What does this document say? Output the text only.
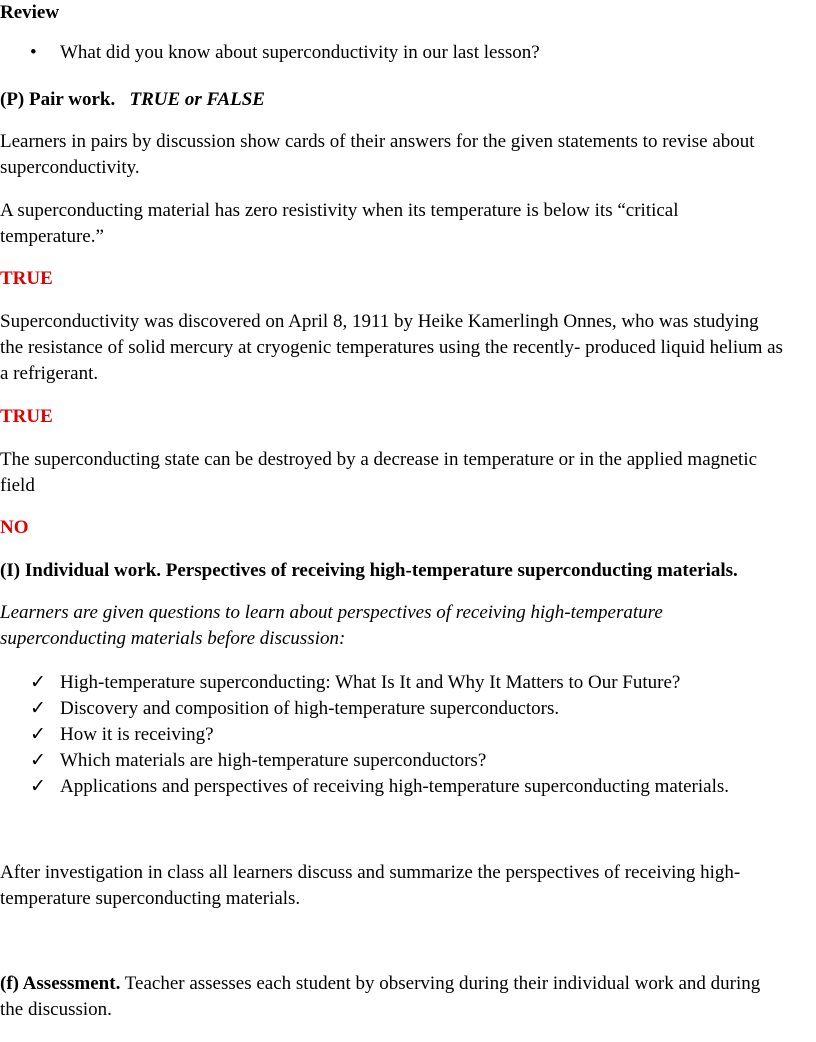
Review

• What did you know about superconductivity in our last lesson?

(P) Pair work. TRUE or FALSE

Learners in pairs by discussion show cards of their answers for the given statements to revise about

superconductivity.

A superconducting material has zero resistivity when its temperature is below its “critical

temperature.”

TRUE

Superconductivity was discovered on April 8, 1911 by Heike Kamerlingh Onnes, who was studying

the resistance of solid mercury at cryogenic temperatures using the recently- produced liquid helium as

a refrigerant.

TRUE

The superconducting state can be destroyed by a decrease in temperature or in the applied magnetic

field

NO

(I) Individual work. Perspectives of receiving high-temperature superconducting materials.

Learners are given questions to learn about perspectives of receiving high-temperature

superconducting materials before discussion:

✓ High-temperature superconducting: What Is It and Why It Matters to Our Future?
✓ Discovery and composition of high-temperature superconductors.
✓ How it is receiving?
✓ Which materials are high-temperature superconductors?
✓ Applications and perspectives of receiving high-temperature superconducting materials.

After investigation in class all learners discuss and summarize the perspectives of receiving high-

temperature superconducting materials.

(f) Assessment. Teacher assesses each student by observing during their individual work and during

the discussion.
